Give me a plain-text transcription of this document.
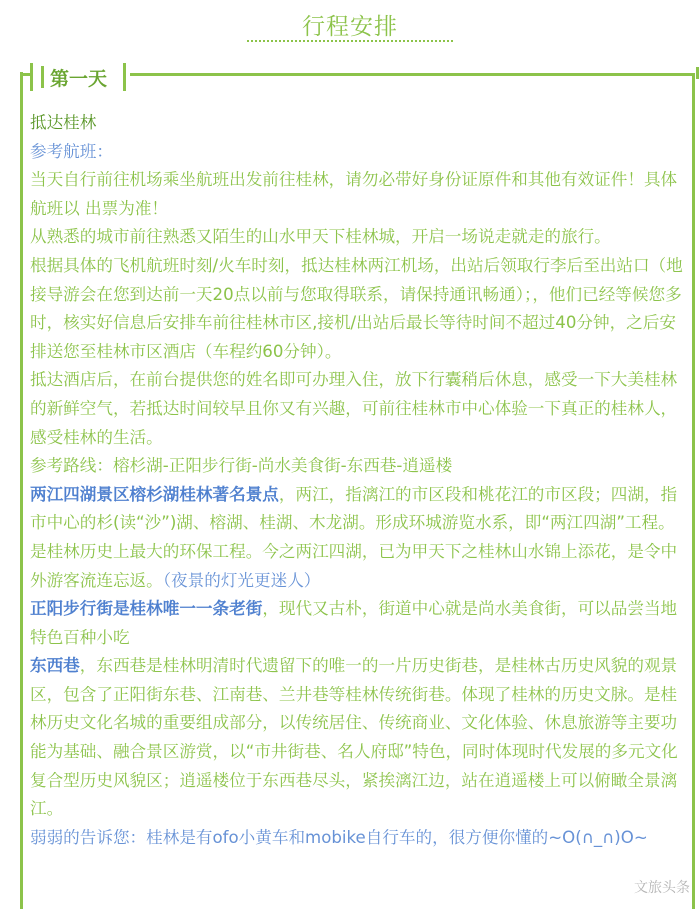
行程安排
第一天

抵达桂林

参考航班：

当天自行前往机场乘坐航班出发前往桂林，请勿必带好身份证原件和其他有效证件！具体航班以 出票为准！

从熟悉的城市前往熟悉又陌生的山水甲天下桂林城，开启一场说走就走的旅行。

根据具体的飞机航班时刻/火车时刻，抵达桂林两江机场，出站后领取行李后至出站口（地接导游会在您到达前一天20点以前与您取得联系，请保持通讯畅通）；，他们已经等候您多时，核实好信息后安排车前往桂林市区,接机/出站后最长等待时间不超过40分钟，之后安排送您至桂林市区酒店（车程约60分钟）。

抵达酒店后，在前台提供您的姓名即可办理入住，放下行囊稍后休息，感受一下大美桂林的新鲜空气，若抵达时间较早且你又有兴趣，可前往桂林市中心体验一下真正的桂林人，感受桂林的生活。

参考路线：榕杉湖-正阳步行街-尚水美食街-东西巷-逍遥楼

两江四湖景区榕杉湖桂林著名景点，两江，指漓江的市区段和桃花江的市区段；四湖，指市中心的杉(读“沙”)湖、榕湖、桂湖、木龙湖。形成环城游览水系，即“两江四湖”工程。是桂林历史上最大的环保工程。今之两江四湖，已为甲天下之桂林山水锦上添花，是令中外游客流连忘返。（夜景的灯光更迷人）

正阳步行街是桂林唯一一条老街，现代又古朴，街道中心就是尚水美食街，可以品尝当地特色百种小吃

东西巷，东西巷是桂林明清时代遗留下的唯一的一片历史街巷，是桂林古历史风貌的观景区，包含了正阳街东巷、江南巷、兰井巷等桂林传统街巷。体现了桂林的历史文脉。是桂林历史文化名城的重要组成部分，以传统居住、传统商业、文化体验、休息旅游等主要功能为基础、融合景区游赏，以“市井街巷、名人府邸”特色，同时体现时代发展的多元文化复合型历史风貌区；逍遥楼位于东西巷尽头，紧挨漓江边，站在逍遥楼上可以俯瞰全景漓江。

弱弱的告诉您：桂林是有ofo小黄车和mobike自行车的，很方便你懂的~O(∩_∩)O~

文旅头条
